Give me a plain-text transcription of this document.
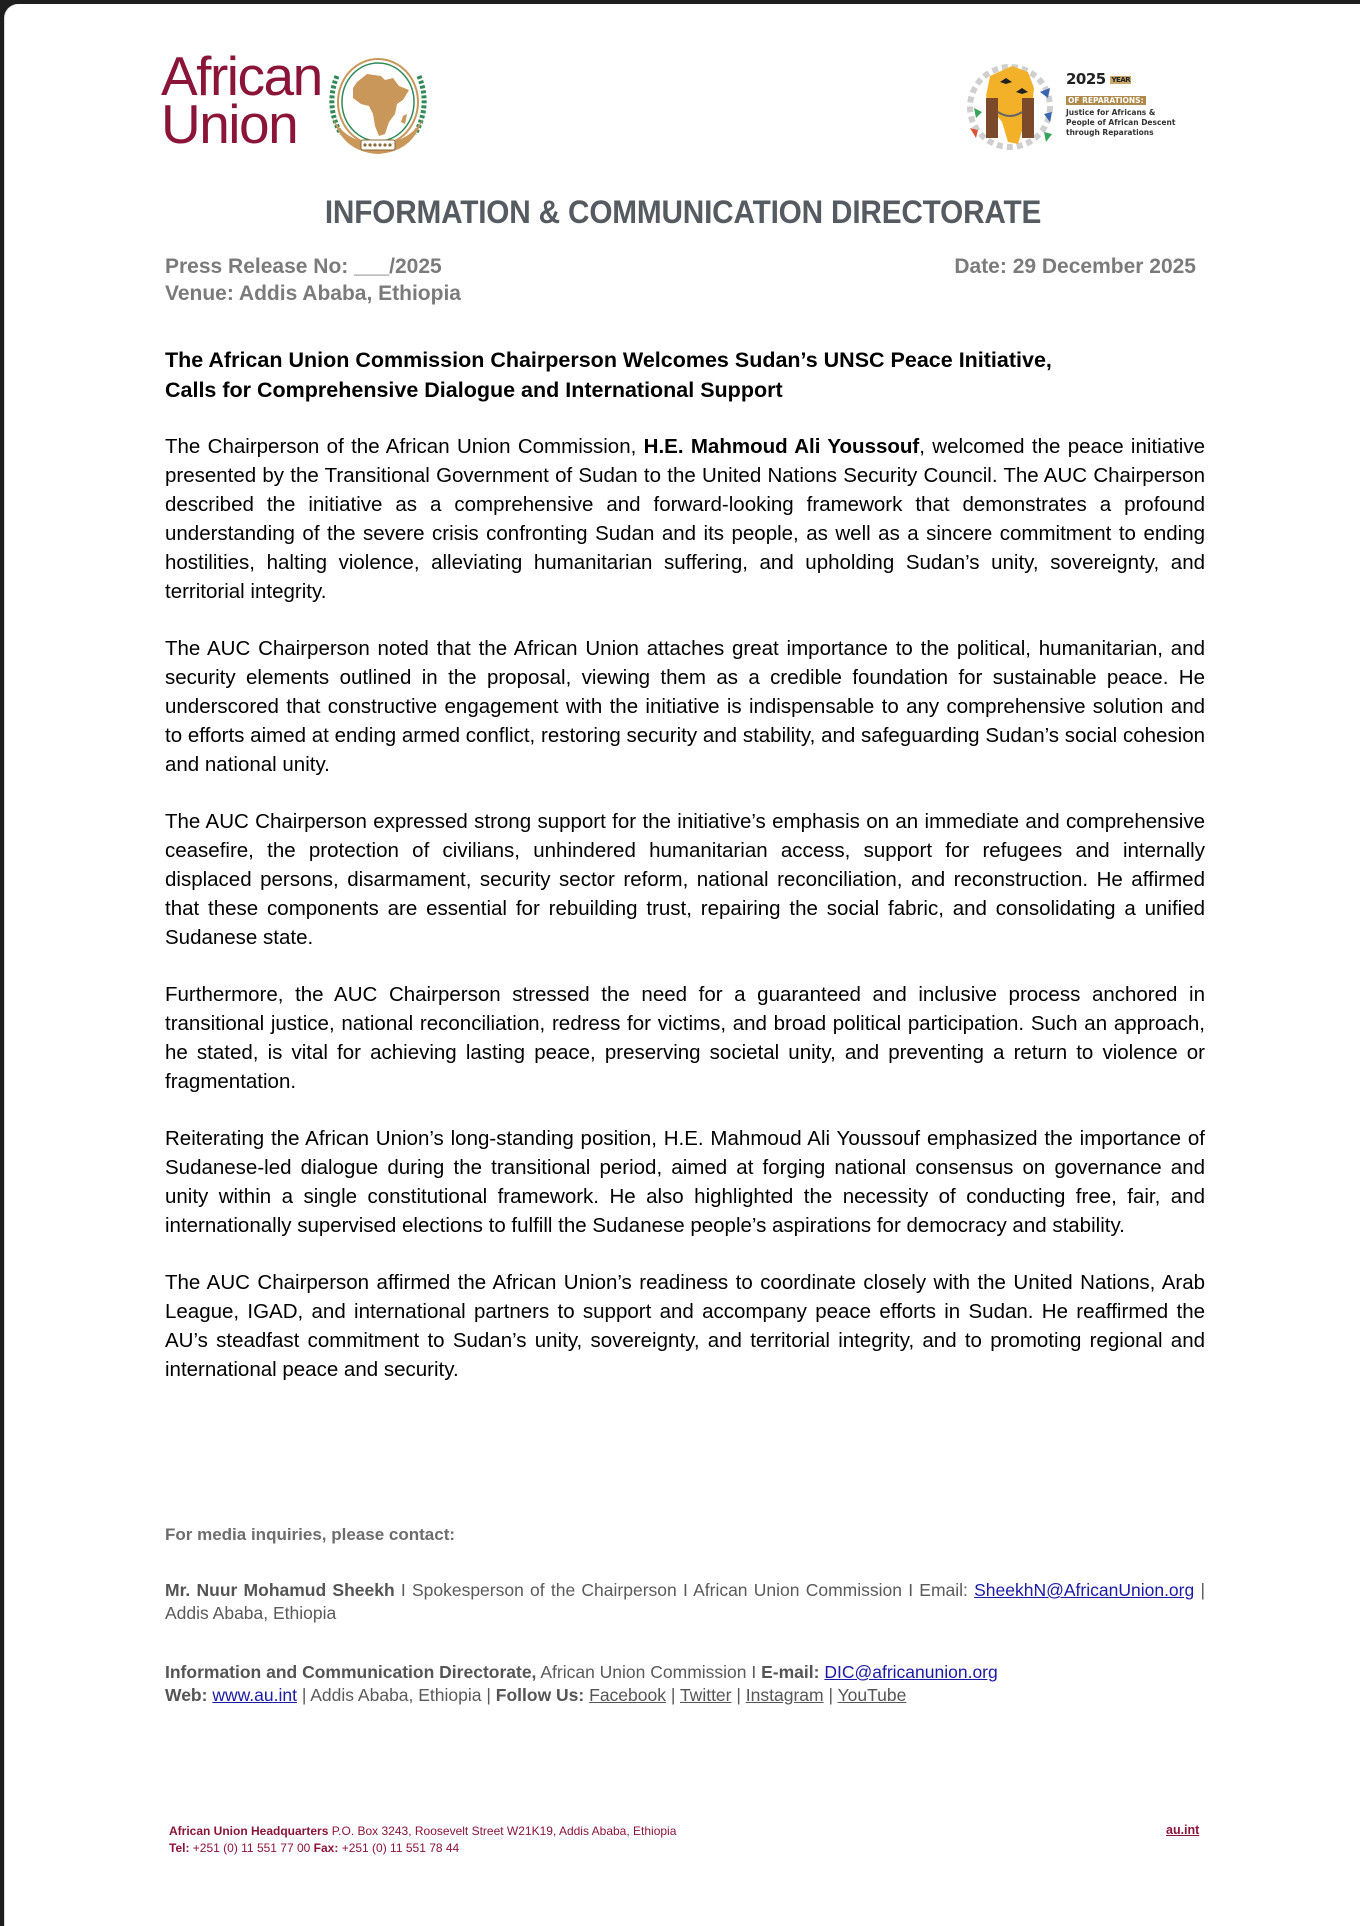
African
Union
2025 YEAR
OF REPARATIONS:
Justice for Africans &
People of African Descent
through Reparations
INFORMATION & COMMUNICATION DIRECTORATE
Press Release No: ___/2025
Venue: Addis Ababa, Ethiopia
Date: 29 December 2025
The African Union Commission Chairperson Welcomes Sudan’s UNSC Peace Initiative,
Calls for Comprehensive Dialogue and International Support

The Chairperson of the African Union Commission, H.E. Mahmoud Ali Youssouf, welcomed the peace initiative presented by the Transitional Government of Sudan to the United Nations Security Council. The AUC Chairperson described the initiative as a comprehensive and forward-looking framework that demonstrates a profound understanding of the severe crisis confronting Sudan and its people, as well as a sincere commitment to ending hostilities, halting violence, alleviating humanitarian suffering, and upholding Sudan’s unity, sovereignty, and territorial integrity.

The AUC Chairperson noted that the African Union attaches great importance to the political, humanitarian, and security elements outlined in the proposal, viewing them as a credible foundation for sustainable peace. He underscored that constructive engagement with the initiative is indispensable to any comprehensive solution and to efforts aimed at ending armed conflict, restoring security and stability, and safeguarding Sudan’s social cohesion and national unity.

The AUC Chairperson expressed strong support for the initiative’s emphasis on an immediate and comprehensive ceasefire, the protection of civilians, unhindered humanitarian access, support for refugees and internally displaced persons, disarmament, security sector reform, national reconciliation, and reconstruction. He affirmed that these components are essential for rebuilding trust, repairing the social fabric, and consolidating a unified Sudanese state.

Furthermore, the AUC Chairperson stressed the need for a guaranteed and inclusive process anchored in transitional justice, national reconciliation, redress for victims, and broad political participation. Such an approach, he stated, is vital for achieving lasting peace, preserving societal unity, and preventing a return to violence or fragmentation.

Reiterating the African Union’s long-standing position, H.E. Mahmoud Ali Youssouf emphasized the importance of Sudanese-led dialogue during the transitional period, aimed at forging national consensus on governance and unity within a single constitutional framework. He also highlighted the necessity of conducting free, fair, and internationally supervised elections to fulfill the Sudanese people’s aspirations for democracy and stability.

The AUC Chairperson affirmed the African Union’s readiness to coordinate closely with the United Nations, Arab League, IGAD, and international partners to support and accompany peace efforts in Sudan. He reaffirmed the AU’s steadfast commitment to Sudan’s unity, sovereignty, and territorial integrity, and to promoting regional and international peace and security.

For media inquiries, please contact:
Mr. Nuur Mohamud Sheekh I Spokesperson of the Chairperson I African Union Commission I Email: SheekhN@AfricanUnion.org | Addis Ababa, Ethiopia
Information and Communication Directorate, African Union Commission I E-mail: DIC@africanunion.org
Web: www.au.int | Addis Ababa, Ethiopia | Follow Us: Facebook | Twitter | Instagram | YouTube
African Union Headquarters P.O. Box 3243, Roosevelt Street W21K19, Addis Ababa, Ethiopia
Tel: +251 (0) 11 551 77 00 Fax: +251 (0) 11 551 78 44
au.int
